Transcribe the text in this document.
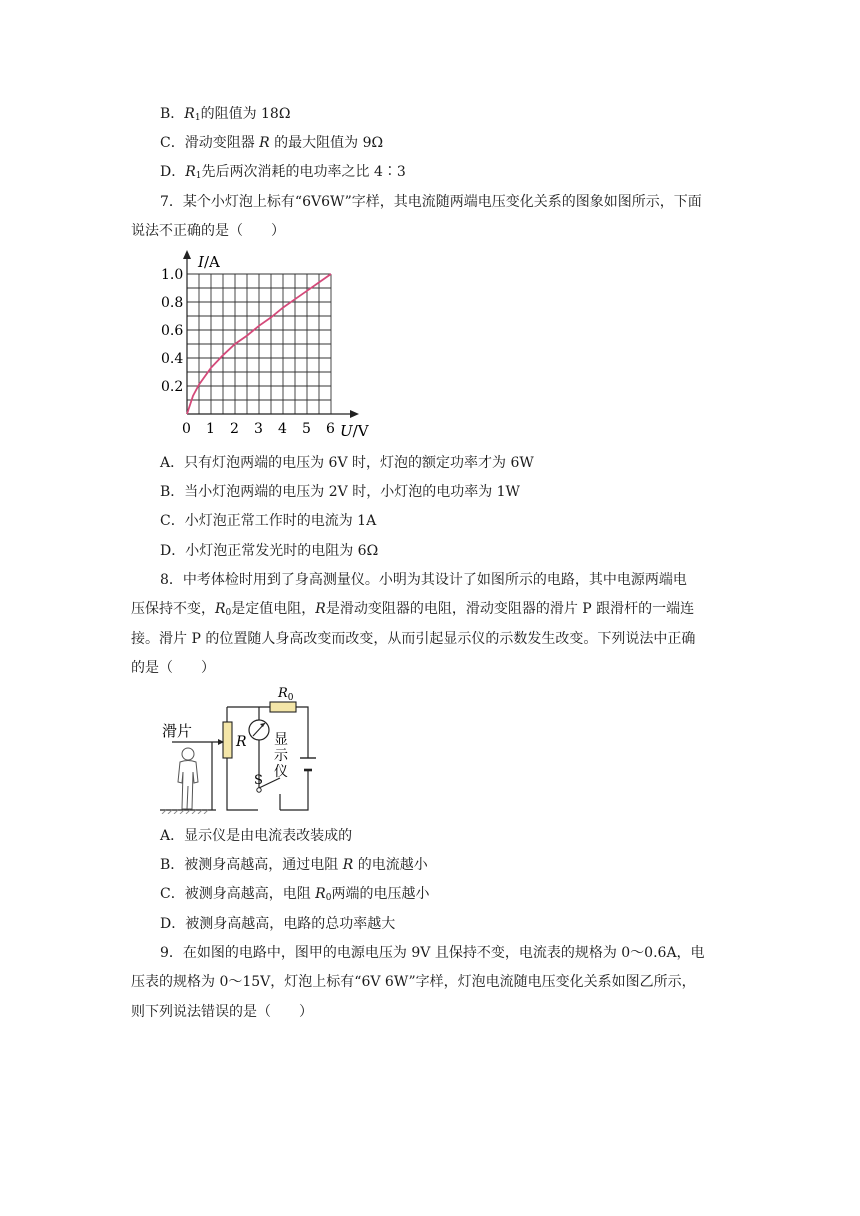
B．$R_1$的阻值为 18Ω
C．滑动变阻器 R 的最大阻值为 9Ω
D．$R_1$先后两次消耗的电功率之比 4∶3
7．某个小灯泡上标有“6V6W”字样，其电流随两端电压变化关系的图象如图所示，下面
说法不正确的是（　　）
0 1 2 3 4 5 6
0.2
0.4
0.6
0.8
1.0
I/A
U/V
A．只有灯泡两端的电压为 6V 时，灯泡的额定功率才为 6W
B．当小灯泡两端的电压为 2V 时，小灯泡的电功率为 1W
C．小灯泡正常工作时的电流为 1A
D．小灯泡正常发光时的电阻为 6Ω
8．中考体检时用到了身高测量仪。小明为其设计了如图所示的电路，其中电源两端电
压保持不变，$R_0$是定值电阻，R是滑动变阻器的电阻，滑动变阻器的滑片 P 跟滑杆的一端连
接。滑片 P 的位置随人身高改变而改变，从而引起显示仪的示数发生改变。下列说法中正确
的是（　　）
滑片
R
$R_0$
显
示
仪
S
A．显示仪是由电流表改装成的
B．被测身高越高，通过电阻 R 的电流越小
C．被测身高越高，电阻 $R_0$两端的电压越小
D．被测身高越高，电路的总功率越大
9．在如图的电路中，图甲的电源电压为 9V 且保持不变，电流表的规格为 0～0.6A，电
压表的规格为 0～15V，灯泡上标有“6V 6W”字样，灯泡电流随电压变化关系如图乙所示，
则下列说法错误的是（　　）
